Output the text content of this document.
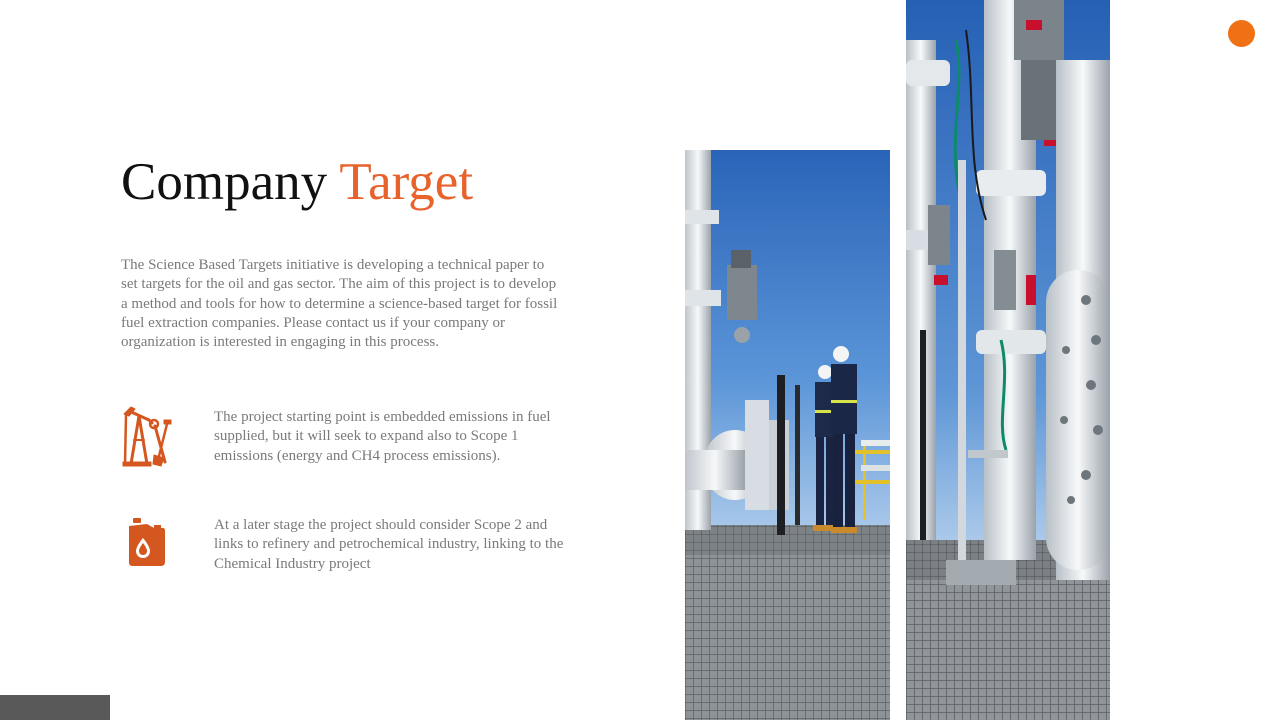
Company Target

The Science Based Targets initiative is developing a technical paper to set targets for the oil and gas sector. The aim of this project is to develop a method and tools for how to determine a science-based target for fossil fuel extraction companies. Please contact us if your company or organization is interested in engaging in this process.

The project starting point is embedded emissions in fuel supplied, but it will seek to expand also to Scope 1 emissions (energy and CH4 process emissions).

At a later stage the project should consider Scope 2 and links to refinery and petrochemical industry, linking to the Chemical Industry project
